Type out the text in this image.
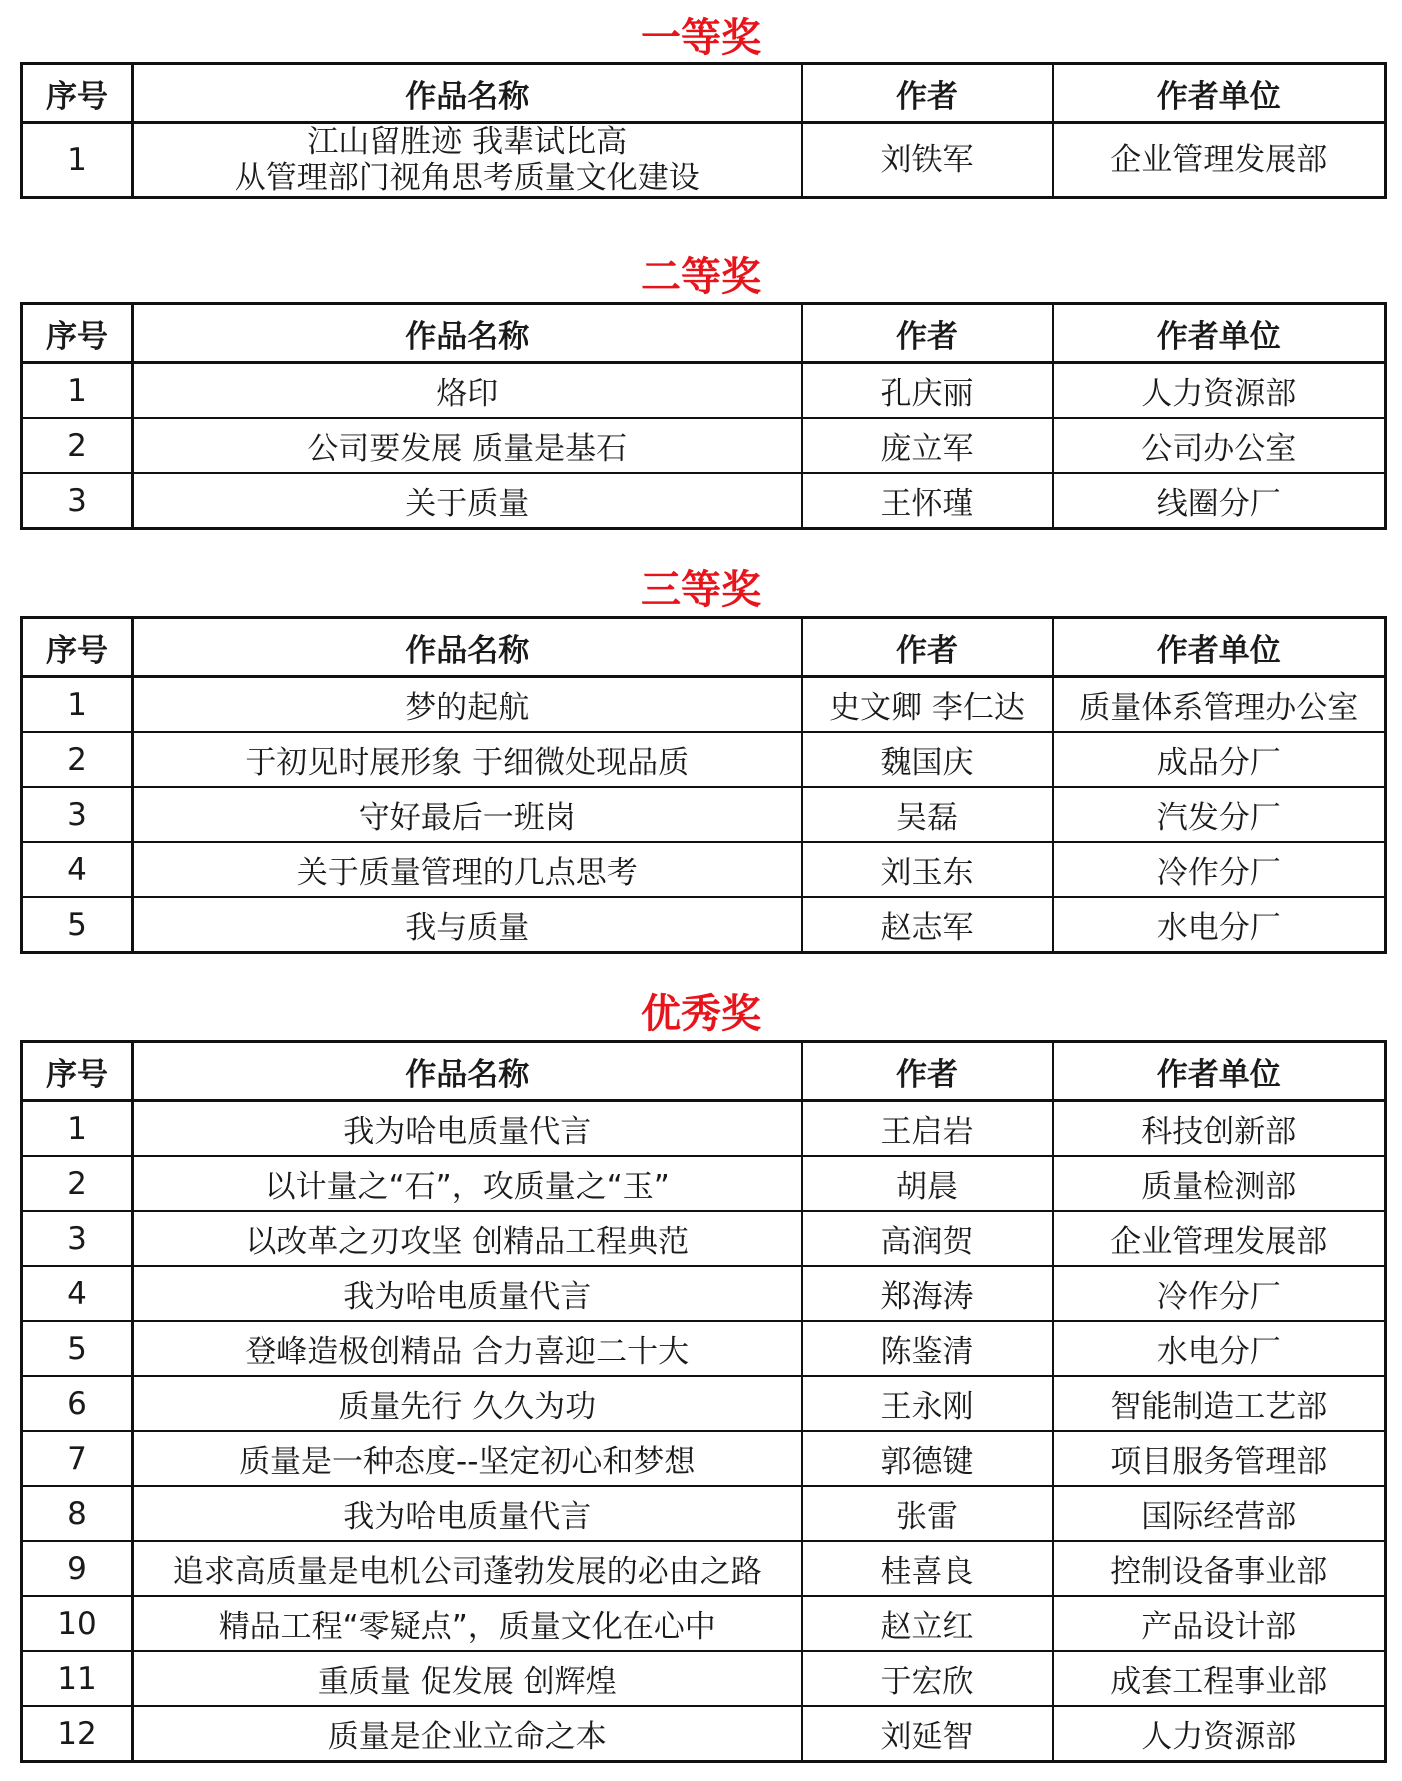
一等奖
序号	作品名称	作者	作者单位
1	江山留胜迹 我辈试比高
从管理部门视角思考质量文化建设	刘铁军	企业管理发展部
二等奖
序号	作品名称	作者	作者单位
1	烙印	孔庆丽	人力资源部
2	公司要发展 质量是基石	庞立军	公司办公室
3	关于质量	王怀瑾	线圈分厂
三等奖
序号	作品名称	作者	作者单位
1	梦的起航	史文卿 李仁达	质量体系管理办公室
2	于初见时展形象 于细微处现品质	魏国庆	成品分厂
3	守好最后一班岗	吴磊	汽发分厂
4	关于质量管理的几点思考	刘玉东	冷作分厂
5	我与质量	赵志军	水电分厂
优秀奖
序号	作品名称	作者	作者单位
1	我为哈电质量代言	王启岩	科技创新部
2	以计量之“石”，攻质量之“玉”	胡晨	质量检测部
3	以改革之刃攻坚 创精品工程典范	高润贺	企业管理发展部
4	我为哈电质量代言	郑海涛	冷作分厂
5	登峰造极创精品 合力喜迎二十大	陈鉴清	水电分厂
6	质量先行 久久为功	王永刚	智能制造工艺部
7	质量是一种态度--坚定初心和梦想	郭德键	项目服务管理部
8	我为哈电质量代言	张雷	国际经营部
9	追求高质量是电机公司蓬勃发展的必由之路	桂喜良	控制设备事业部
10	精品工程“零疑点”，质量文化在心中	赵立红	产品设计部
11	重质量 促发展 创辉煌	于宏欣	成套工程事业部
12	质量是企业立命之本	刘延智	人力资源部
